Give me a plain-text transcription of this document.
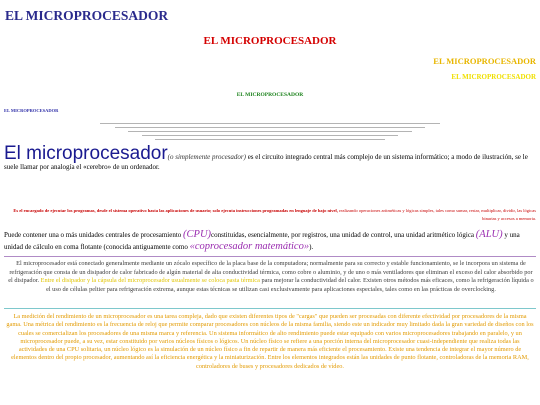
EL MICROPROCESADOR
EL MICROPROCESADOR
EL MICROPROCESADOR
EL MICROPROCESADOR
EL MICROPROCESADOR
EL MICROPROCESADOR
El microprocesador(o simplemente procesador) es el circuito integrado central más complejo de un sistema informático; a modo de ilustración, se le suele llamar por analogía el «cerebro» de un ordenador.
Es el encargado de ejecutar los programas, desde el sistema operativo hasta las aplicaciones de usuario; solo ejecuta instrucciones programadas en lenguaje de bajo nivel, realizando operaciones aritméticas y lógicas simples, tales como sumar, restar, multiplicar, dividir, las lógicas binarias y accesos a memoria.
Puede contener una o más unidades centrales de procesamiento (CPU)constituidas, esencialmente, por registros, una unidad de control, una unidad aritmético lógica (ALU) y una unidad de cálculo en coma flotante (conocida antiguamente como «coprocesador matemático»).
El microprocesador está conectado generalmente mediante un zócalo específico de la placa base de la computadora; normalmente para su correcto y estable funcionamiento, se le incorpora un sistema de refrigeración que consta de un disipador de calor fabricado de algún material de alta conductividad térmica, como cobre o aluminio, y de uno o más ventiladores que eliminan el exceso del calor absorbido por el disipador. Entre el disipador y la cápsula del microprocesador usualmente se coloca pasta térmica para mejorar la conductividad del calor. Existen otros métodos más eficaces, como la refrigeración líquida o el uso de células peltier para refrigeración extrema, aunque estas técnicas se utilizan casi exclusivamente para aplicaciones especiales, tales como en las prácticas de overclocking.
La medición del rendimiento de un microprocesador es una tarea compleja, dado que existen diferentes tipos de "cargas" que pueden ser procesadas con diferente efectividad por procesadores de la misma gama. Una métrica del rendimiento es la frecuencia de reloj que permite comparar procesadores con núcleos de la misma familia, siendo este un indicador muy limitado dada la gran variedad de diseños con los cuales se comercializan los procesadores de una misma marca y referencia. Un sistema informático de alto rendimiento puede estar equipado con varios microprocesadores trabajando en paralelo, y un microprocesador puede, a su vez, estar constituido por varios núcleos físicos o lógicos. Un núcleo físico se refiere a una porción interna del microprocesador cuasi-independiente que realiza todas las actividades de una CPU solitaria, un núcleo lógico es la simulación de un núcleo físico a fin de repartir de manera más eficiente el procesamiento. Existe una tendencia de integrar el mayor número de elementos dentro del propio procesador, aumentando así la eficiencia energética y la miniaturización. Entre los elementos integrados están las unidades de punto flotante, controladoras de la memoria RAM, controladores de buses y procesadores dedicados de vídeo.
